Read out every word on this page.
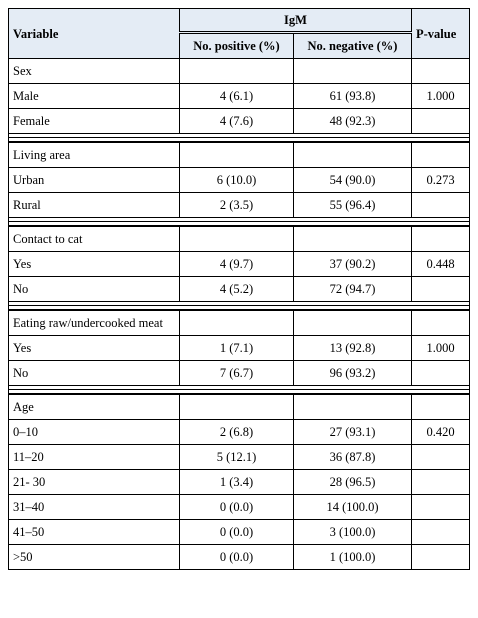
Variable	IgM		P-value
	No. positive (%)	No. negative (%)	
Sex			
Male	4 (6.1)	61 (93.8)	1.000
Female	4 (7.6)	48 (92.3)	

Living area			
Urban	6 (10.0)	54 (90.0)	0.273
Rural	2 (3.5)	55 (96.4)	

Contact to cat			
Yes	4 (9.7)	37 (90.2)	0.448
No	4 (5.2)	72 (94.7)	

Eating raw/undercooked meat			
Yes	1 (7.1)	13 (92.8)	1.000
No	7 (6.7)	96 (93.2)	

Age			
0–10	2 (6.8)	27 (93.1)	0.420
11–20	5 (12.1)	36 (87.8)	
21- 30	1 (3.4)	28 (96.5)	
31–40	0 (0.0)	14 (100.0)	
41–50	0 (0.0)	3 (100.0)	
>50	0 (0.0)	1 (100.0)	
